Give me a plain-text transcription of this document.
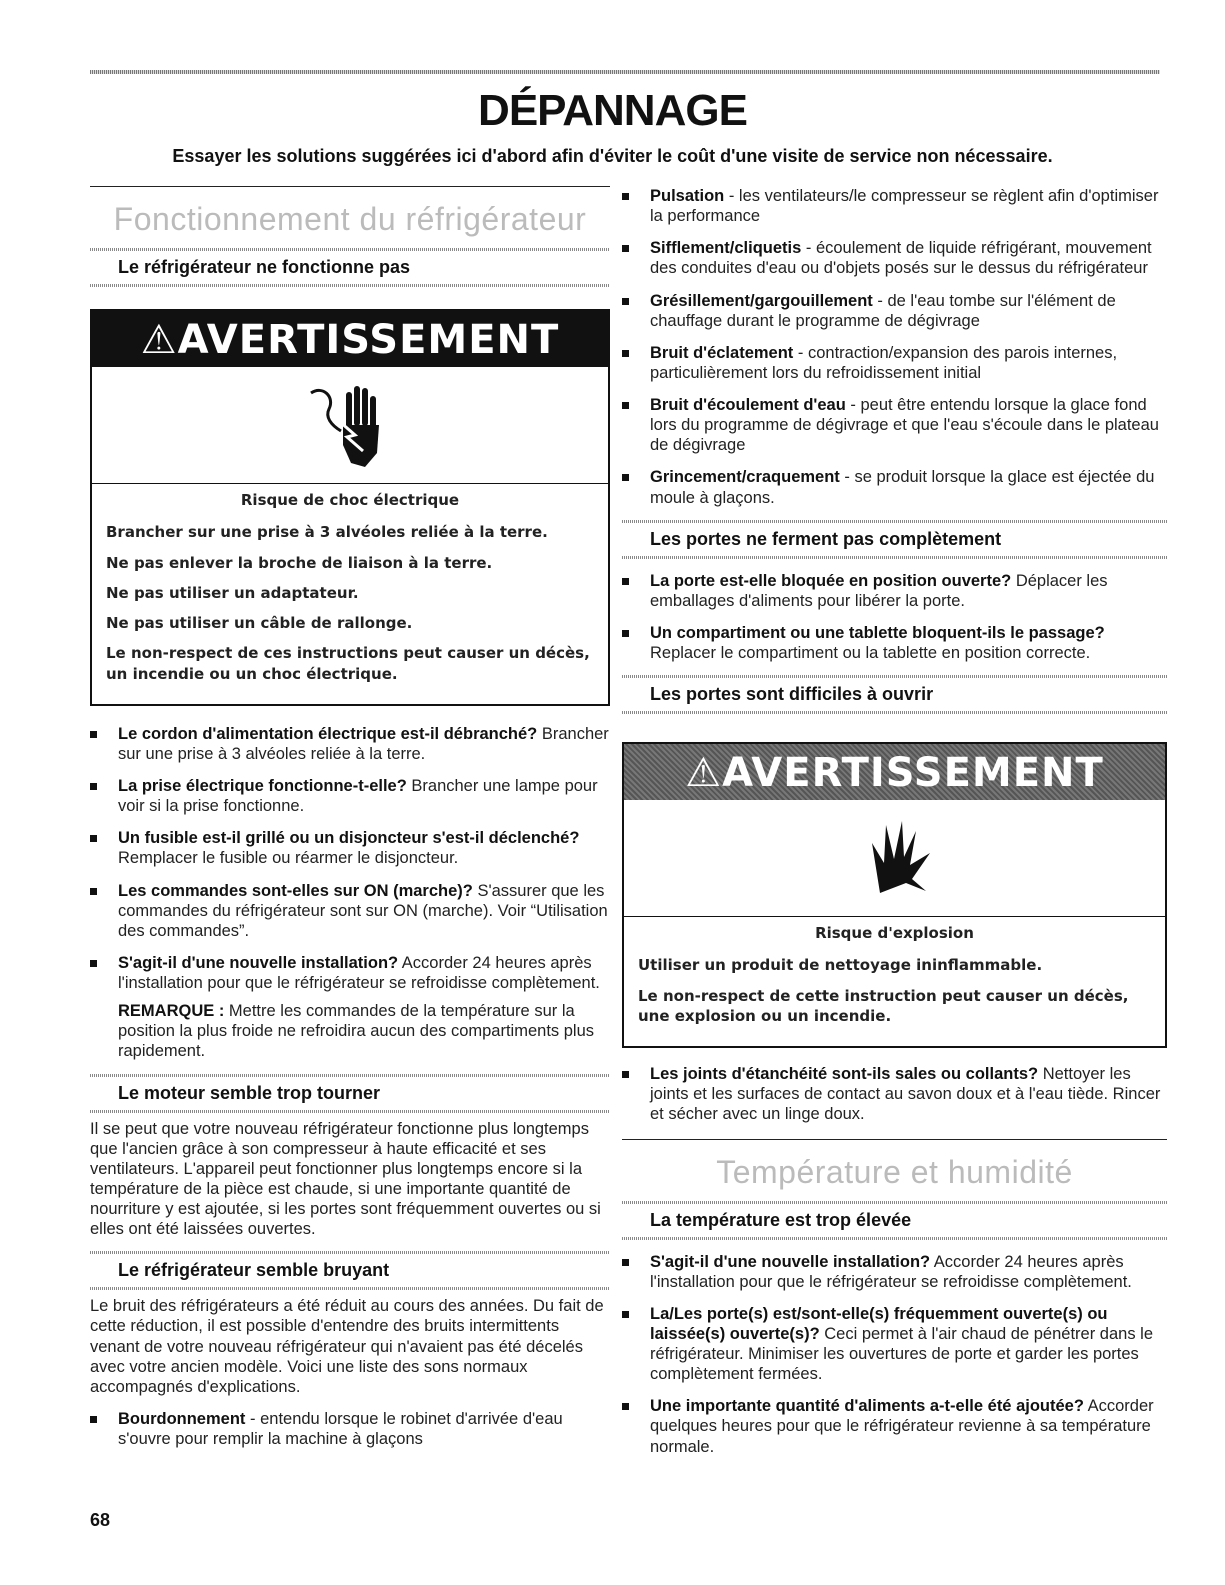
DÉPANNAGE

Essayer les solutions suggérées ici d'abord afin d'éviter le coût d'une visite de service non nécessaire.

Fonctionnement du réfrigérateur
Le réfrigérateur ne fonctionne pas
⚠AVERTISSEMENT

Risque de choc électrique

Brancher sur une prise à 3 alvéoles reliée à la terre.

Ne pas enlever la broche de liaison à la terre.

Ne pas utiliser un adaptateur.

Ne pas utiliser un câble de rallonge.

Le non-respect de ces instructions peut causer un décès, un incendie ou un choc électrique.

Le cordon d'alimentation électrique est-il débranché? Brancher sur une prise à 3 alvéoles reliée à la terre.
La prise électrique fonctionne-t-elle? Brancher une lampe pour voir si la prise fonctionne.
Un fusible est-il grillé ou un disjoncteur s'est-il déclenché? Remplacer le fusible ou réarmer le disjoncteur.
Les commandes sont-elles sur ON (marche)? S'assurer que les commandes du réfrigérateur sont sur ON (marche). Voir “Utilisation des commandes”.
S'agit-il d'une nouvelle installation? Accorder 24 heures après l'installation pour que le réfrigérateur se refroidisse complètement.
REMARQUE : Mettre les commandes de la température sur la position la plus froide ne refroidira aucun des compartiments plus rapidement.
Le moteur semble trop tourner

Il se peut que votre nouveau réfrigérateur fonctionne plus longtemps que l'ancien grâce à son compresseur à haute efficacité et ses ventilateurs. L'appareil peut fonctionner plus longtemps encore si la température de la pièce est chaude, si une importante quantité de nourriture y est ajoutée, si les portes sont fréquemment ouvertes ou si elles ont été laissées ouvertes.

Le réfrigérateur semble bruyant

Le bruit des réfrigérateurs a été réduit au cours des années. Du fait de cette réduction, il est possible d'entendre des bruits intermittents venant de votre nouveau réfrigérateur qui n'avaient pas été décelés avec votre ancien modèle. Voici une liste des sons normaux accompagnés d'explications.

Bourdonnement - entendu lorsque le robinet d'arrivée d'eau s'ouvre pour remplir la machine à glaçons
Pulsation - les ventilateurs/le compresseur se règlent afin d'optimiser la performance
Sifflement/cliquetis - écoulement de liquide réfrigérant, mouvement des conduites d'eau ou d'objets posés sur le dessus du réfrigérateur
Grésillement/gargouillement - de l'eau tombe sur l'élément de chauffage durant le programme de dégivrage
Bruit d'éclatement - contraction/expansion des parois internes, particulièrement lors du refroidissement initial
Bruit d'écoulement d'eau - peut être entendu lorsque la glace fond lors du programme de dégivrage et que l'eau s'écoule dans le plateau de dégivrage
Grincement/craquement - se produit lorsque la glace est éjectée du moule à glaçons.
Les portes ne ferment pas complètement
La porte est-elle bloquée en position ouverte? Déplacer les emballages d'aliments pour libérer la porte.
Un compartiment ou une tablette bloquent-ils le passage? Replacer le compartiment ou la tablette en position correcte.
Les portes sont difficiles à ouvrir
⚠AVERTISSEMENT

Risque d'explosion

Utiliser un produit de nettoyage ininflammable.

Le non-respect de cette instruction peut causer un décès, une explosion ou un incendie.

Les joints d'étanchéité sont-ils sales ou collants? Nettoyer les joints et les surfaces de contact au savon doux et à l'eau tiède. Rincer et sécher avec un linge doux.
Température et humidité
La température est trop élevée
S'agit-il d'une nouvelle installation? Accorder 24 heures après l'installation pour que le réfrigérateur se refroidisse complètement.
La/Les porte(s) est/sont-elle(s) fréquemment ouverte(s) ou laissée(s) ouverte(s)? Ceci permet à l'air chaud de pénétrer dans le réfrigérateur. Minimiser les ouvertures de porte et garder les portes complètement fermées.
Une importante quantité d'aliments a-t-elle été ajoutée? Accorder quelques heures pour que le réfrigérateur revienne à sa température normale.
68
